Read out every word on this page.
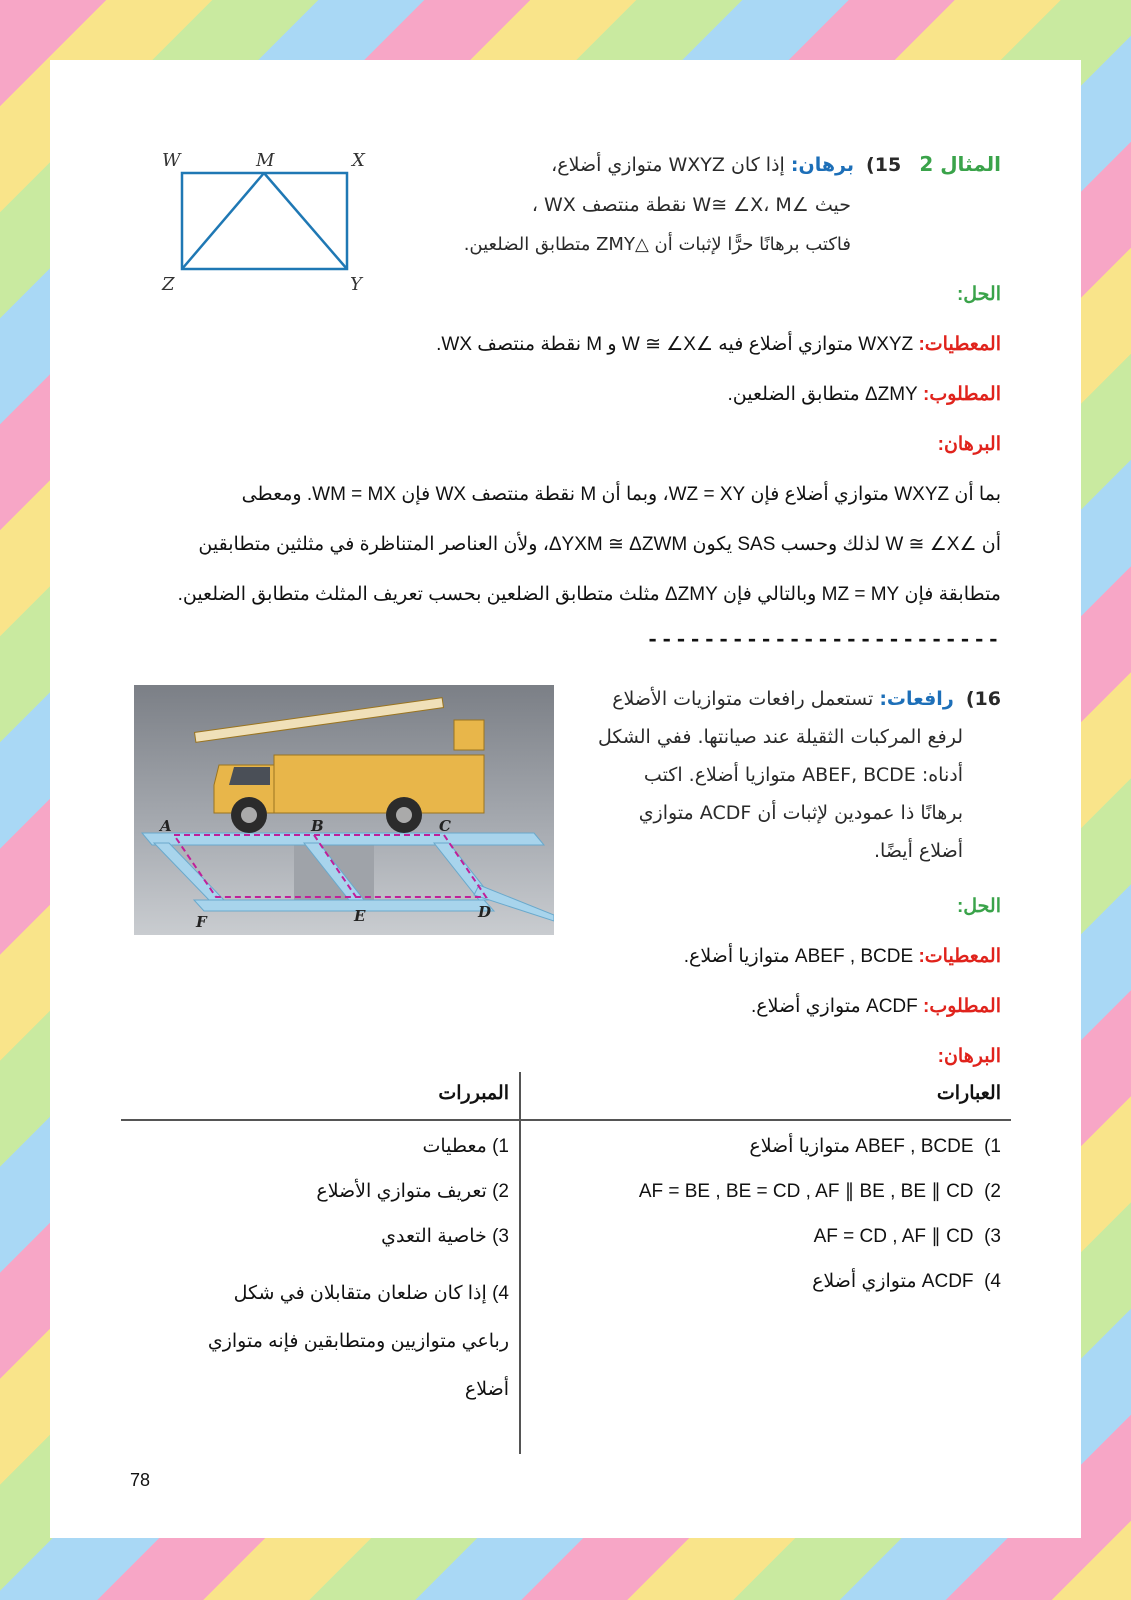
المثال 2   15)  برهان: إذا كان WXYZ متوازي أضلاع،
حيث ∠W≅ ∠X، M نقطة منتصف WX ،
فاكتب برهانًا حرًّا لإثبات أن △ZMY متطابق الضلعين.
W	M	X
Z	Y	الحل:
المعطيات: WXYZ متوازي أضلاع فيه ∠W ≅ ∠X و M نقطة منتصف WX.
المطلوب: ΔZMY متطابق الضلعين.
البرهان:
بما أن WXYZ متوازي أضلاع فإن WZ = XY، وبما أن M نقطة منتصف WX فإن WM = MX. ومعطى
أن ∠W ≅ ∠X لذلك وحسب SAS يكون ΔYXM ≅ ΔZWM، ولأن العناصر المتناظرة في مثلثين متطابقين
متطابقة فإن MZ = MY وبالتالي فإن ΔZMY مثلث متطابق الضلعين بحسب تعريف المثلث متطابق الضلعين.
-------------------------
16)  رافعات: تستعمل رافعات متوازيات الأضلاع
لرفع المركبات الثقيلة عند صيانتها. ففي الشكل
أدناه: ABEF, BCDE متوازيا أضلاع. اكتب
برهانًا ذا عمودين لإثبات أن ACDF متوازي
أضلاع أيضًا.
A	B	C
F	E	D	الحل:
المعطيات: ABEF , BCDE متوازيا أضلاع.
المطلوب: ACDF متوازي أضلاع.
البرهان:
العبارات	المبررات
1)  ABEF , BCDE متوازيا أضلاع	1) معطيات
2)  AF = BE , BE = CD , AF ∥ BE , BE ∥ CD	2) تعريف متوازي الأضلاع
3)  AF = CD , AF ∥ CD	3) خاصية التعدي
4)  ACDF متوازي أضلاع	4) إذا كان ضلعان متقابلان في شكل رباعي متوازيين ومتطابقين فإنه متوازي أضلاع
78
